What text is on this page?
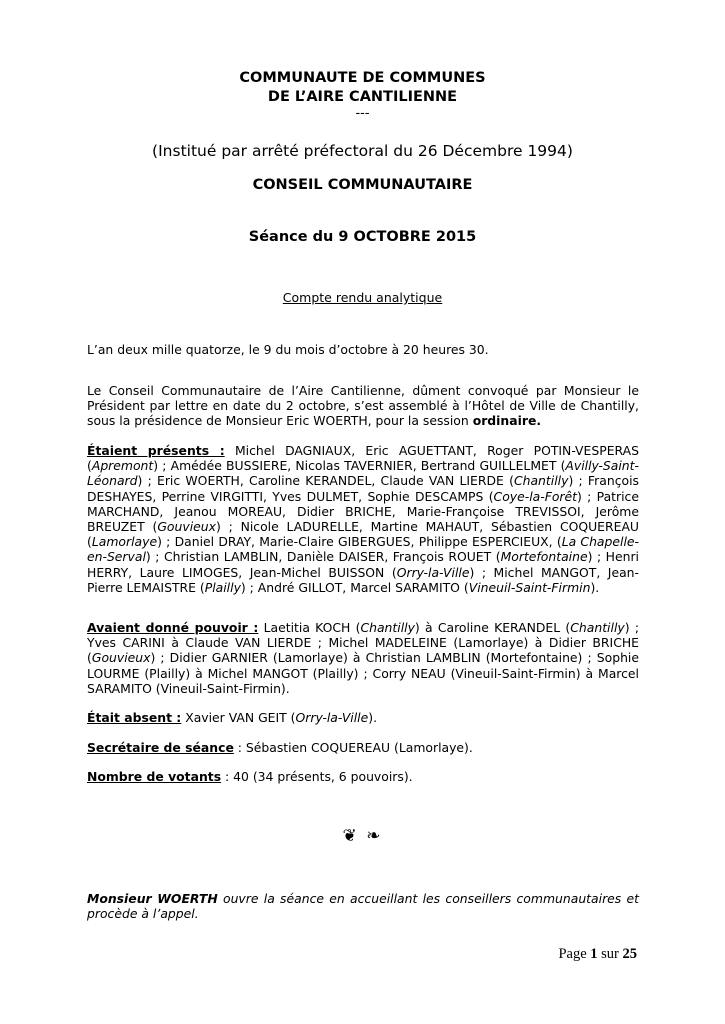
COMMUNAUTE DE COMMUNES
DE L’AIRE CANTILIENNE
---
(Institué par arrêté préfectoral du 26 Décembre 1994)
CONSEIL COMMUNAUTAIRE
Séance du 9 OCTOBRE 2015
Compte rendu analytique
L’an deux mille quatorze, le 9 du mois d’octobre à 20 heures 30.
Le Conseil Communautaire de l’Aire Cantilienne, dûment convoqué par Monsieur le Président par lettre en date du 2 octobre, s’est assemblé à l’Hôtel de Ville de Chantilly, sous la présidence de Monsieur Eric WOERTH, pour la session ordinaire.
Étaient présents : Michel DAGNIAUX, Eric AGUETTANT, Roger POTIN-VESPERAS (Apremont) ; Amédée BUSSIERE, Nicolas TAVERNIER, Bertrand GUILLELMET (Avilly-Saint-Léonard) ; Eric WOERTH, Caroline KERANDEL, Claude VAN LIERDE (Chantilly) ; François DESHAYES, Perrine VIRGITTI, Yves DULMET, Sophie DESCAMPS (Coye-la-Forêt) ; Patrice MARCHAND, Jeanou MOREAU, Didier BRICHE, Marie-Françoise TREVISSOI, Jerôme BREUZET (Gouvieux) ; Nicole LADURELLE, Martine MAHAUT, Sébastien COQUEREAU (Lamorlaye) ; Daniel DRAY, Marie-Claire GIBERGUES, Philippe ESPERCIEUX, (La Chapelle-en-Serval) ; Christian LAMBLIN, Danièle DAISER, François ROUET (Mortefontaine) ; Henri HERRY, Laure LIMOGES, Jean-Michel BUISSON (Orry-la-Ville) ; Michel MANGOT, Jean-Pierre LEMAISTRE (Plailly) ; André GILLOT, Marcel SARAMITO (Vineuil-Saint-Firmin).
Avaient donné pouvoir : Laetitia KOCH (Chantilly) à Caroline KERANDEL (Chantilly) ; Yves CARINI à Claude VAN LIERDE ; Michel MADELEINE (Lamorlaye) à Didier BRICHE (Gouvieux) ; Didier GARNIER (Lamorlaye) à Christian LAMBLIN (Mortefontaine) ; Sophie LOURME (Plailly) à Michel MANGOT (Plailly) ; Corry NEAU (Vineuil-Saint-Firmin) à Marcel SARAMITO (Vineuil-Saint-Firmin).
Était absent : Xavier VAN GEIT (Orry-la-Ville).
Secrétaire de séance : Sébastien COQUEREAU (Lamorlaye).
Nombre de votants : 40 (34 présents, 6 pouvoirs).
❦ ❧
Monsieur WOERTH ouvre la séance en accueillant les conseillers communautaires et procède à l’appel.
Page 1 sur 25
